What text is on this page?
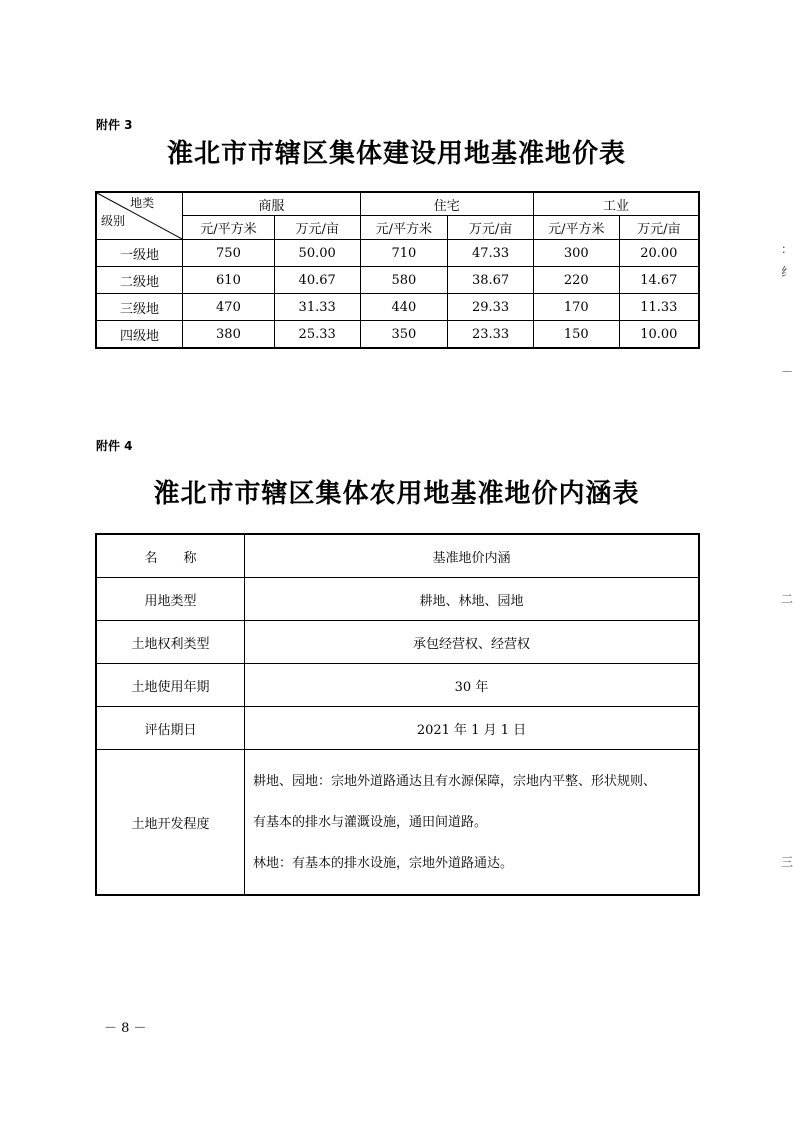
附件 3
淮北市市辖区集体建设用地基准地价表
地类
级别	商服		住宅		工业	
	元/平方米	万元/亩	元/平方米	万元/亩	元/平方米	万元/亩
一级地	750	50.00	710	47.33	300	20.00
二级地	610	40.67	580	38.67	220	14.67
三级地	470	31.33	440	29.33	170	11.33
四级地	380	25.33	350	23.33	150	10.00
附件 4
淮北市市辖区集体农用地基准地价内涵表
名　　称	基准地价内涵
用地类型	耕地、林地、园地
土地权利类型	承包经营权、经营权
土地使用年期	30 年
评估期日	2021 年 1 月 1 日
土地开发程度	耕地、园地：宗地外道路通达且有水源保障，宗地内平整、形状规则、
有基本的排水与灌溉设施，通田间道路。
林地：有基本的排水设施，宗地外道路通达。
－ 8 －
：
纟
－
二
三
